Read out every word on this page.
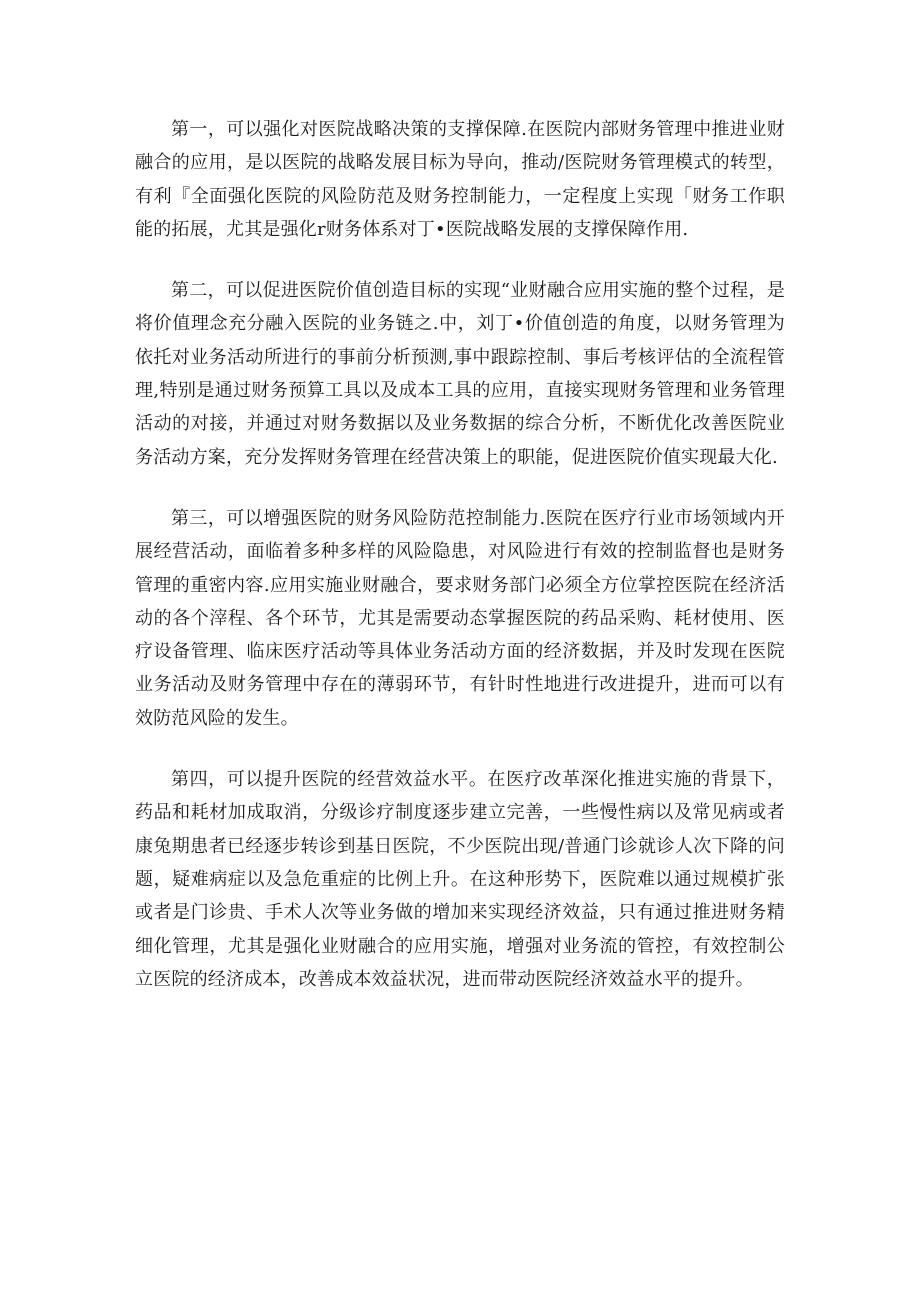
第一，可以强化对医院战略决策的支撑保障.在医院内部财务管理中推进业财融合的应用，是以医院的战略发展目标为导向，推动/医院财务管理模式的转型，有利『全面强化医院的风险防范及财务控制能力，一定程度上实现「财务工作职能的拓展，尤其是强化r财务体系对丁•医院战略发展的支撑保障作用.

第二，可以促进医院价值创造目标的实现“业财融合应用实施的整个过程，是将价值理念充分融入医院的业务链之.中，刘丁•价值创造的角度，以财务管理为依托对业务活动所进行的事前分析预测,事中跟踪控制、事后考核评估的全流程管理,特别是通过财务预算工具以及成本工具的应用，直接实现财务管理和业务管理活动的对接，并通过对财务数据以及业务数据的综合分析，不断优化改善医院业务活动方案，充分发挥财务管理在经营决策上的职能，促进医院价值实现最大化.

第三，可以增强医院的财务风险防范控制能力.医院在医疗行业市场领域内开展经营活动，面临着多种多样的风险隐患，对风险进行有效的控制监督也是财务管理的重密内容.应用实施业财融合，要求财务部门必须全方位掌控医院在经济活动的各个滓程、各个环节，尤其是需要动态掌握医院的药品采购、耗材使用、医疗设备管理、临床医疗活动等具体业务活动方面的经济数据，并及时发现在医院业务活动及财务管理中存在的薄弱环节，有针时性地进行改进提升，进而可以有效防范风险的发生。

第四，可以提升医院的经营效益水平。在医疗改革深化推进实施的背景下，药品和耗材加成取消，分级诊疗制度逐步建立完善，一些慢性病以及常见病或者康兔期患者已经逐步转诊到基日医院，不少医院出现/普通门诊就诊人次下降的问题，疑难病症以及急危重症的比例上升。在这种形势下，医院难以通过规模扩张或者是门诊贵、手术人次等业务做的增加来实现经济效益，只有通过推进财务精细化管理，尤其是强化业财融合的应用实施，增强对业务流的管控，有效控制公立医院的经济成本，改善成本效益状况，进而带动医院经济效益水平的提升。
